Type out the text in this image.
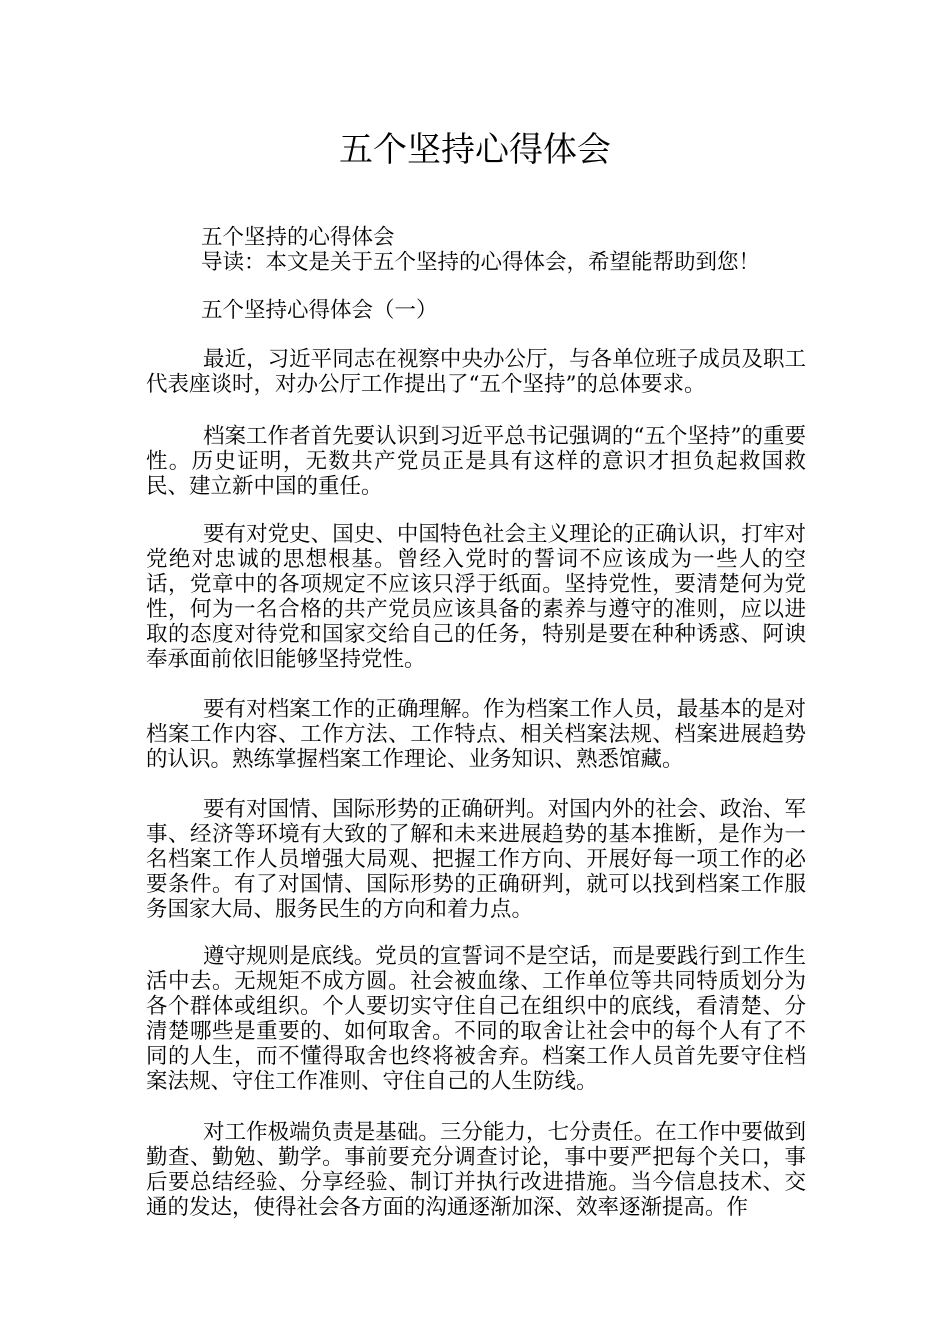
五个坚持心得体会

五个坚持的心得体会

导读：本文是关于五个坚持的心得体会，希望能帮助到您！

五个坚持心得体会（一）

最近，习近平同志在视察中央办公厅，与各单位班子成员及职工代表座谈时，对办公厅工作提出了“五个坚持”的总体要求。

档案工作者首先要认识到习近平总书记强调的“五个坚持”的重要性。历史证明，无数共产党员正是具有这样的意识才担负起救国救民、建立新中国的重任。

要有对党史、国史、中国特色社会主义理论的正确认识，打牢对党绝对忠诚的思想根基。曾经入党时的誓词不应该成为一些人的空话，党章中的各项规定不应该只浮于纸面。坚持党性，要清楚何为党性，何为一名合格的共产党员应该具备的素养与遵守的准则，应以进取的态度对待党和国家交给自己的任务，特别是要在种种诱惑、阿谀奉承面前依旧能够坚持党性。

要有对档案工作的正确理解。作为档案工作人员，最基本的是对档案工作内容、工作方法、工作特点、相关档案法规、档案进展趋势的认识。熟练掌握档案工作理论、业务知识、熟悉馆藏。

要有对国情、国际形势的正确研判。对国内外的社会、政治、军事、经济等环境有大致的了解和未来进展趋势的基本推断，是作为一名档案工作人员增强大局观、把握工作方向、开展好每一项工作的必要条件。有了对国情、国际形势的正确研判，就可以找到档案工作服务国家大局、服务民生的方向和着力点。

遵守规则是底线。党员的宣誓词不是空话，而是要践行到工作生活中去。无规矩不成方圆。社会被血缘、工作单位等共同特质划分为各个群体或组织。个人要切实守住自己在组织中的底线，看清楚、分清楚哪些是重要的、如何取舍。不同的取舍让社会中的每个人有了不同的人生，而不懂得取舍也终将被舍弃。档案工作人员首先要守住档案法规、守住工作准则、守住自己的人生防线。

对工作极端负责是基础。三分能力，七分责任。在工作中要做到勤查、勤勉、勤学。事前要充分调查讨论，事中要严把每个关口，事后要总结经验、分享经验、制订并执行改进措施。当今信息技术、交通的发达，使得社会各方面的沟通逐渐加深、效率逐渐提高。作
